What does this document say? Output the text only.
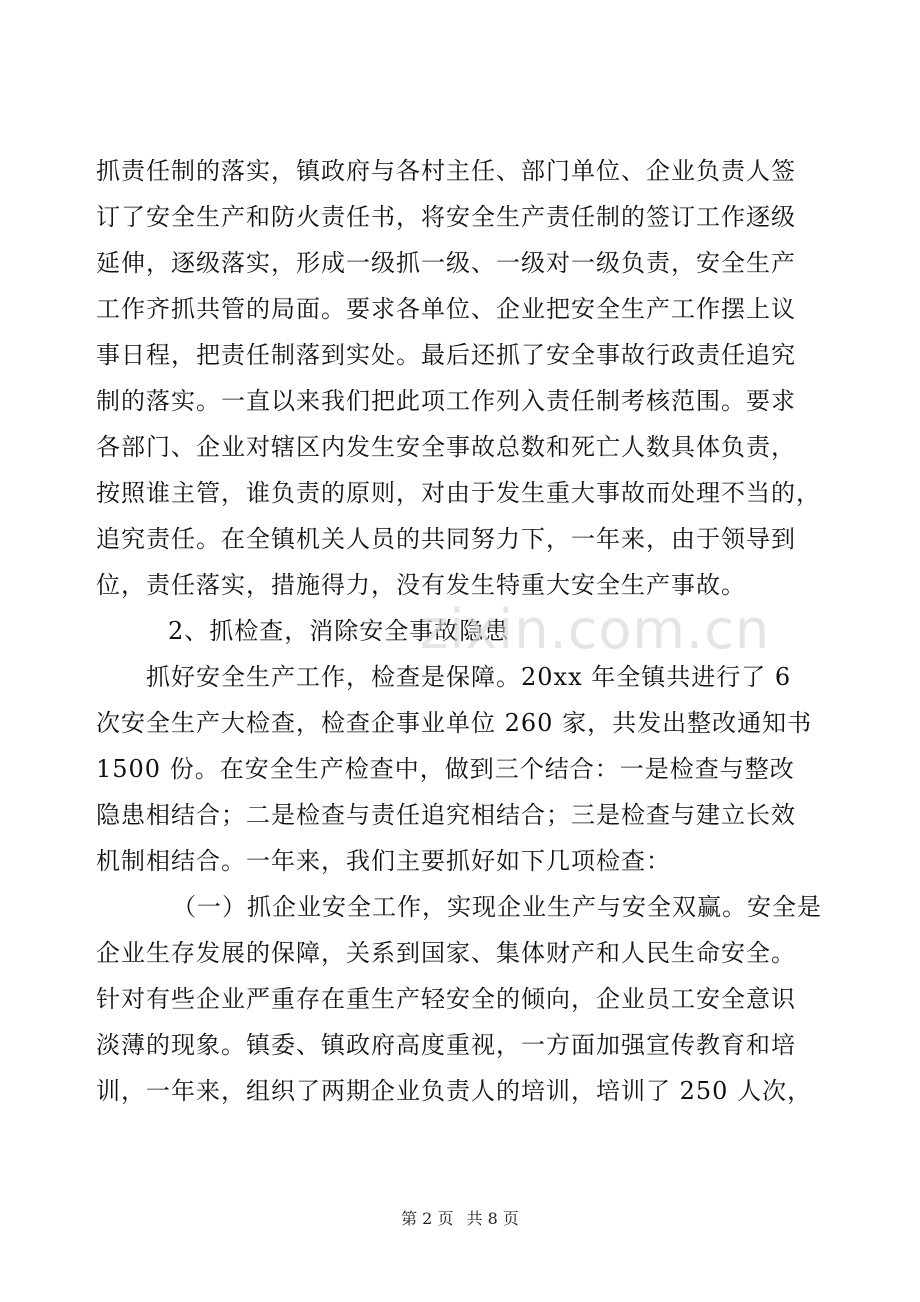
抓责任制的落实，镇政府与各村主任、部门单位、企业负责人签
订了安全生产和防火责任书，将安全生产责任制的签订工作逐级
延伸，逐级落实，形成一级抓一级、一级对一级负责，安全生产
工作齐抓共管的局面。要求各单位、企业把安全生产工作摆上议
事日程，把责任制落到实处。最后还抓了安全事故行政责任追究
制的落实。一直以来我们把此项工作列入责任制考核范围。要求
各部门、企业对辖区内发生安全事故总数和死亡人数具体负责，
按照谁主管，谁负责的原则，对由于发生重大事故而处理不当的，
追究责任。在全镇机关人员的共同努力下，一年来，由于领导到
位，责任落实，措施得力，没有发生特重大安全生产事故。
2、抓检查，消除安全事故隐患
抓好安全生产工作，检查是保障。20xx 年全镇共进行了 6
次安全生产大检查，检查企事业单位 260 家，共发出整改通知书
1500 份。在安全生产检查中，做到三个结合：一是检查与整改
隐患相结合；二是检查与责任追究相结合；三是检查与建立长效
机制相结合。一年来，我们主要抓好如下几项检查：
（一）抓企业安全工作，实现企业生产与安全双赢。安全是
企业生存发展的保障，关系到国家、集体财产和人民生命安全。
针对有些企业严重存在重生产轻安全的倾向，企业员工安全意识
淡薄的现象。镇委、镇政府高度重视，一方面加强宣传教育和培
训，一年来，组织了两期企业负责人的培训，培训了 250 人次，
zixin.com.cn
第 2 页 共 8 页
